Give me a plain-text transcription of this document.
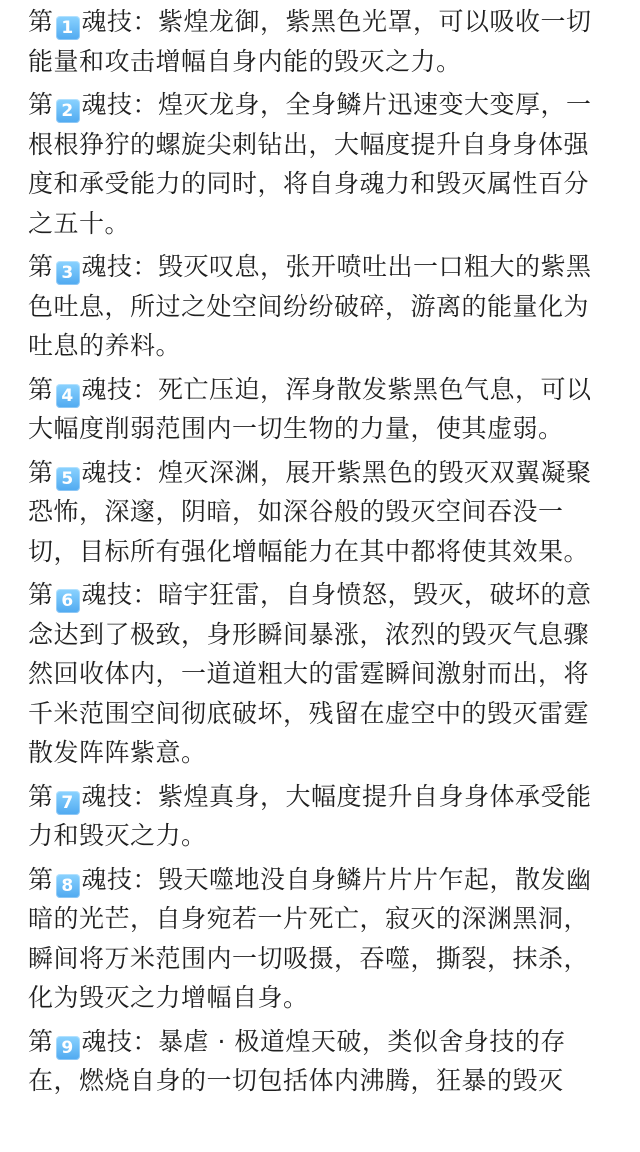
第 1 魂技：紫煌龙御，紫黑色光罩，可以吸收一切能量和攻击增幅自身内能的毁灭之力。

第 2 魂技：煌灭龙身，全身鳞片迅速变大变厚，一根根狰狞的螺旋尖刺钻出，大幅度提升自身身体强度和承受能力的同时，将自身魂力和毁灭属性百分之五十。

第 3 魂技：毁灭叹息，张开喷吐出一口粗大的紫黑色吐息，所过之处空间纷纷破碎，游离的能量化为吐息的养料。

第 4 魂技：死亡压迫，浑身散发紫黑色气息，可以大幅度削弱范围内一切生物的力量，使其虚弱。

第 5 魂技：煌灭深渊，展开紫黑色的毁灭双翼凝聚恐怖，深邃，阴暗，如深谷般的毁灭空间吞没一切，目标所有强化增幅能力在其中都将使其效果。

第 6 魂技：暗宇狂雷，自身愤怒，毁灭，破坏的意念达到了极致，身形瞬间暴涨，浓烈的毁灭气息骤然回收体内，一道道粗大的雷霆瞬间激射而出，将千米范围空间彻底破坏，残留在虚空中的毁灭雷霆散发阵阵紫意。

第 7 魂技：紫煌真身，大幅度提升自身身体承受能力和毁灭之力。

第 8 魂技：毁天噬地没自身鳞片片片乍起，散发幽暗的光芒，自身宛若一片死亡，寂灭的深渊黑洞，瞬间将万米范围内一切吸摄，吞噬，撕裂，抹杀，化为毁灭之力增幅自身。

第 9 魂技：暴虐 · 极道煌天破，类似舍身技的存在，燃烧自身的一切包括体内沸腾，狂暴的毁灭
